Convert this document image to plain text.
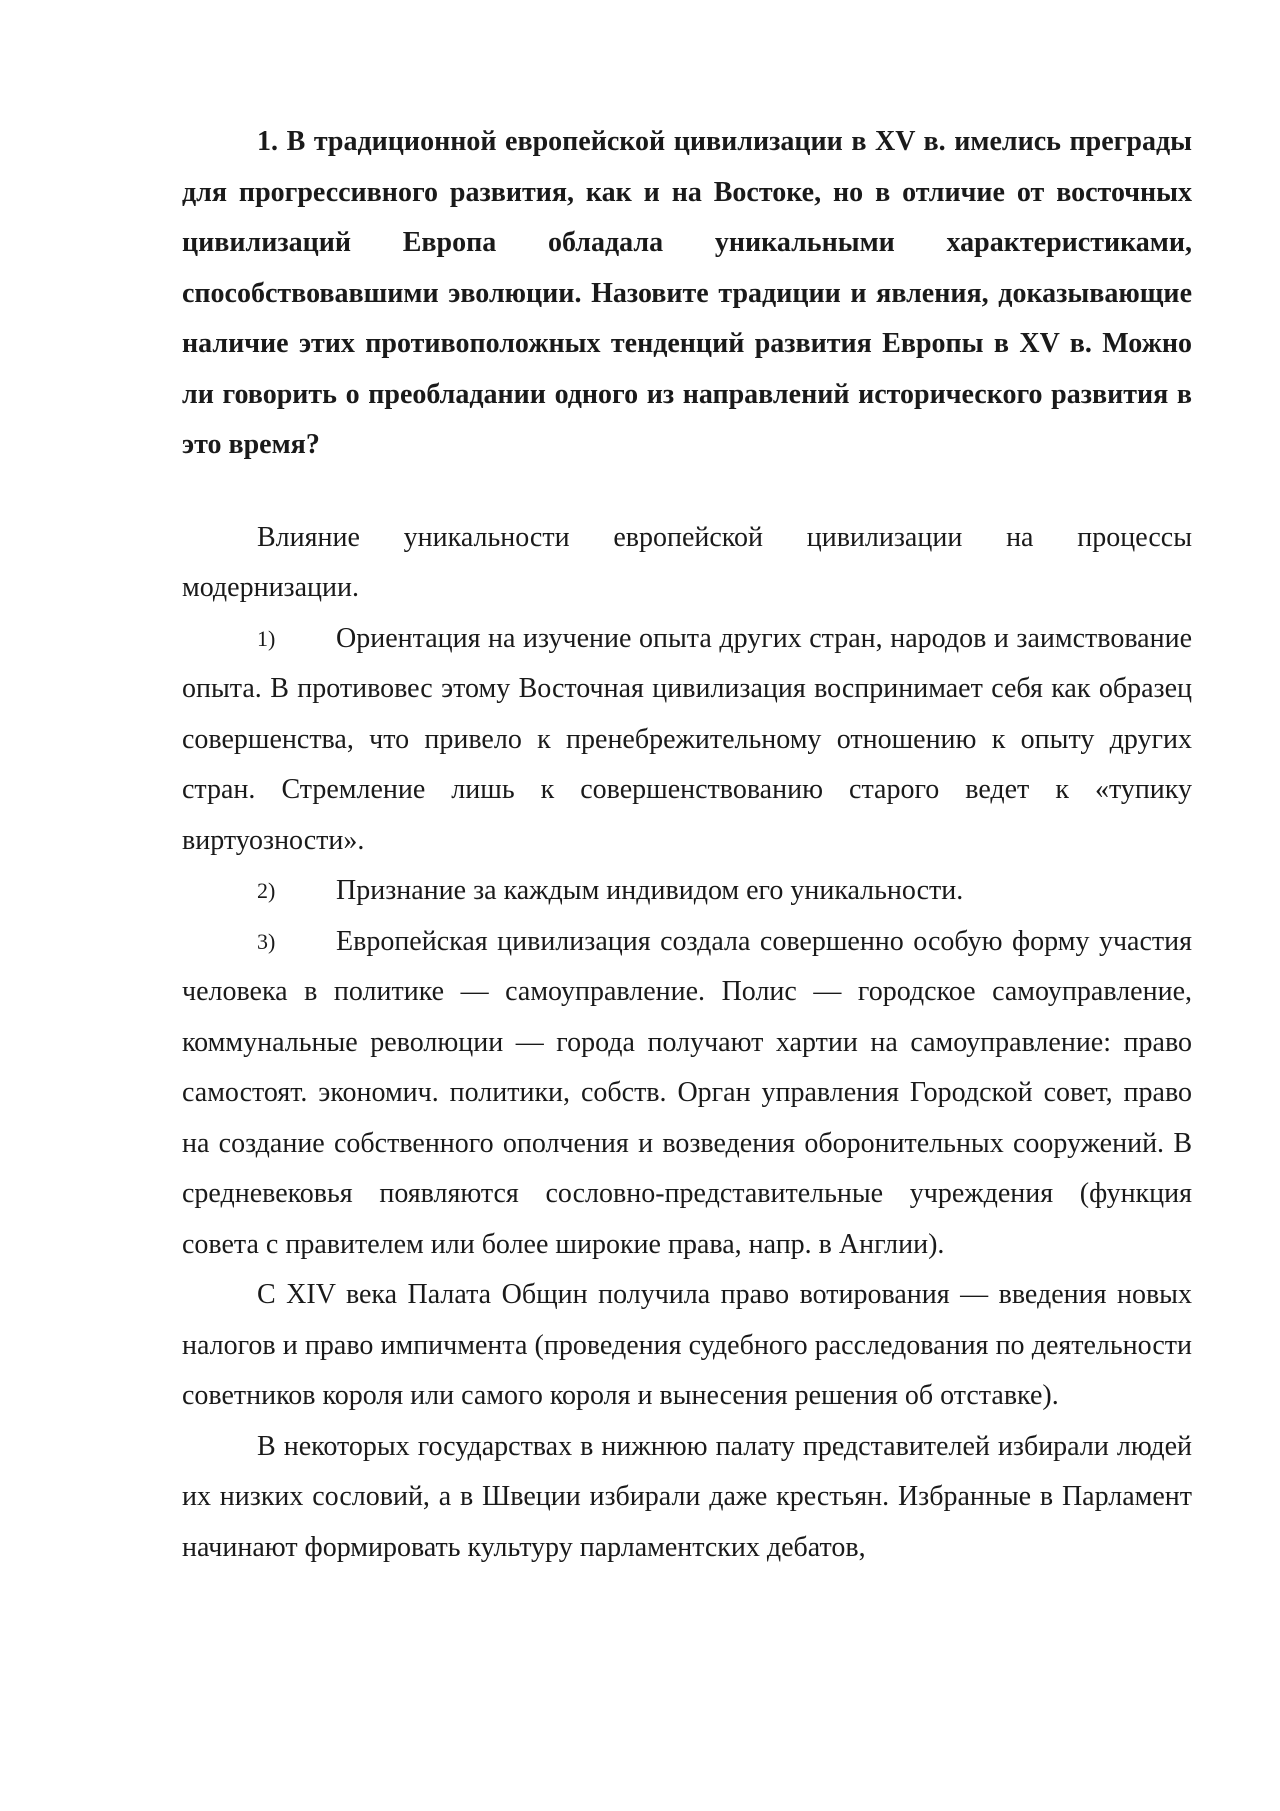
1. В традиционной европейской цивилизации в XV в. имелись преграды для прогрессивного развития, как и на Востоке, но в отличие от восточных цивилизаций Европа обладала уникальными характеристиками, способствовавшими эволюции. Назовите традиции и явления, доказывающие наличие этих противоположных тенденций развития Европы в XV в. Можно ли говорить о преобладании одного из направлений исторического развития в это время?

Влияние уникальности европейской цивилизации на процессы модернизации.

1) Ориентация на изучение опыта других стран, народов и заимствование опыта. В противовес этому Восточная цивилизация воспринимает себя как образец совершенства, что привело к пренебрежительному отношению к опыту других стран. Стремление лишь к совершенствованию старого ведет к «тупику виртуозности».

2) Признание за каждым индивидом его уникальности.

3) Европейская цивилизация создала совершенно особую форму участия человека в политике — самоуправление. Полис — городское самоуправление, коммунальные революции — города получают хартии на самоуправление: право самостоят. экономич. политики, собств. Орган управления Городской совет, право на создание собственного ополчения и возведения оборонительных сооружений. В средневековья появляются сословно-представительные учреждения (функция совета с правителем или более широкие права, напр. в Англии).

С XIV века Палата Общин получила право вотирования — введения новых налогов и право импичмента (проведения судебного расследования по деятельности советников короля или самого короля и вынесения решения об отставке).

В некоторых государствах в нижнюю палату представителей избирали людей их низких сословий, а в Швеции избирали даже крестьян. Избранные в Парламент начинают формировать культуру парламентских дебатов,
